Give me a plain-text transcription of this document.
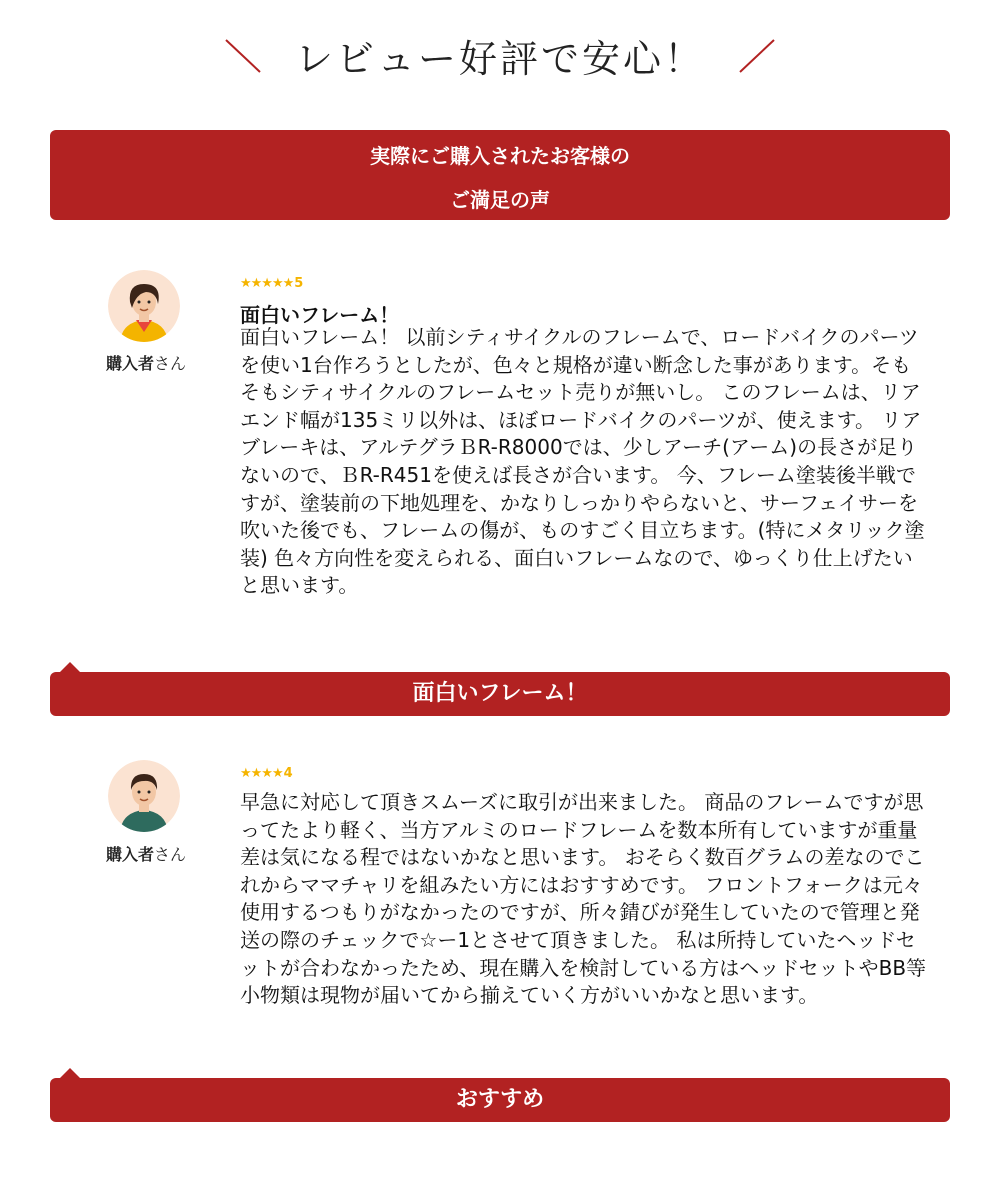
レビュー好評で安心！
実際にご購入されたお客様の
ご満足の声
購入者さん
★★★★★5
面白いフレーム！
面白いフレーム！ 以前シティサイクルのフレームで、ロードバイクのパーツを使い1台作ろうとしたが、色々と規格が違い断念した事があります。そもそもシティサイクルのフレームセット売りが無いし。 このフレームは、リアエンド幅が135ミリ以外は、ほぼロードバイクのパーツが、使えます。 リアブレーキは、アルテグラＢR-R8000では、少しアーチ(アーム)の長さが足りないので、ＢR-R451を使えば長さが合います。 今、フレーム塗装後半戦ですが、塗装前の下地処理を、かなりしっかりやらないと、サーフェイサーを吹いた後でも、フレームの傷が、ものすごく目立ちます。(特にメタリック塗装) 色々方向性を変えられる、面白いフレームなので、ゆっくり仕上げたいと思います。
面白いフレーム！
購入者さん
★★★★4
早急に対応して頂きスムーズに取引が出来ました。 商品のフレームですが思ってたより軽く、当方アルミのロードフレームを数本所有していますが重量差は気になる程ではないかなと思います。 おそらく数百グラムの差なのでこれからママチャリを組みたい方にはおすすめです。 フロントフォークは元々使用するつもりがなかったのですが、所々錆びが発生していたので管理と発送の際のチェックで☆ー1とさせて頂きました。 私は所持していたヘッドセットが合わなかったため、現在購入を検討している方はヘッドセットやBB等小物類は現物が届いてから揃えていく方がいいかなと思います。
おすすめ
